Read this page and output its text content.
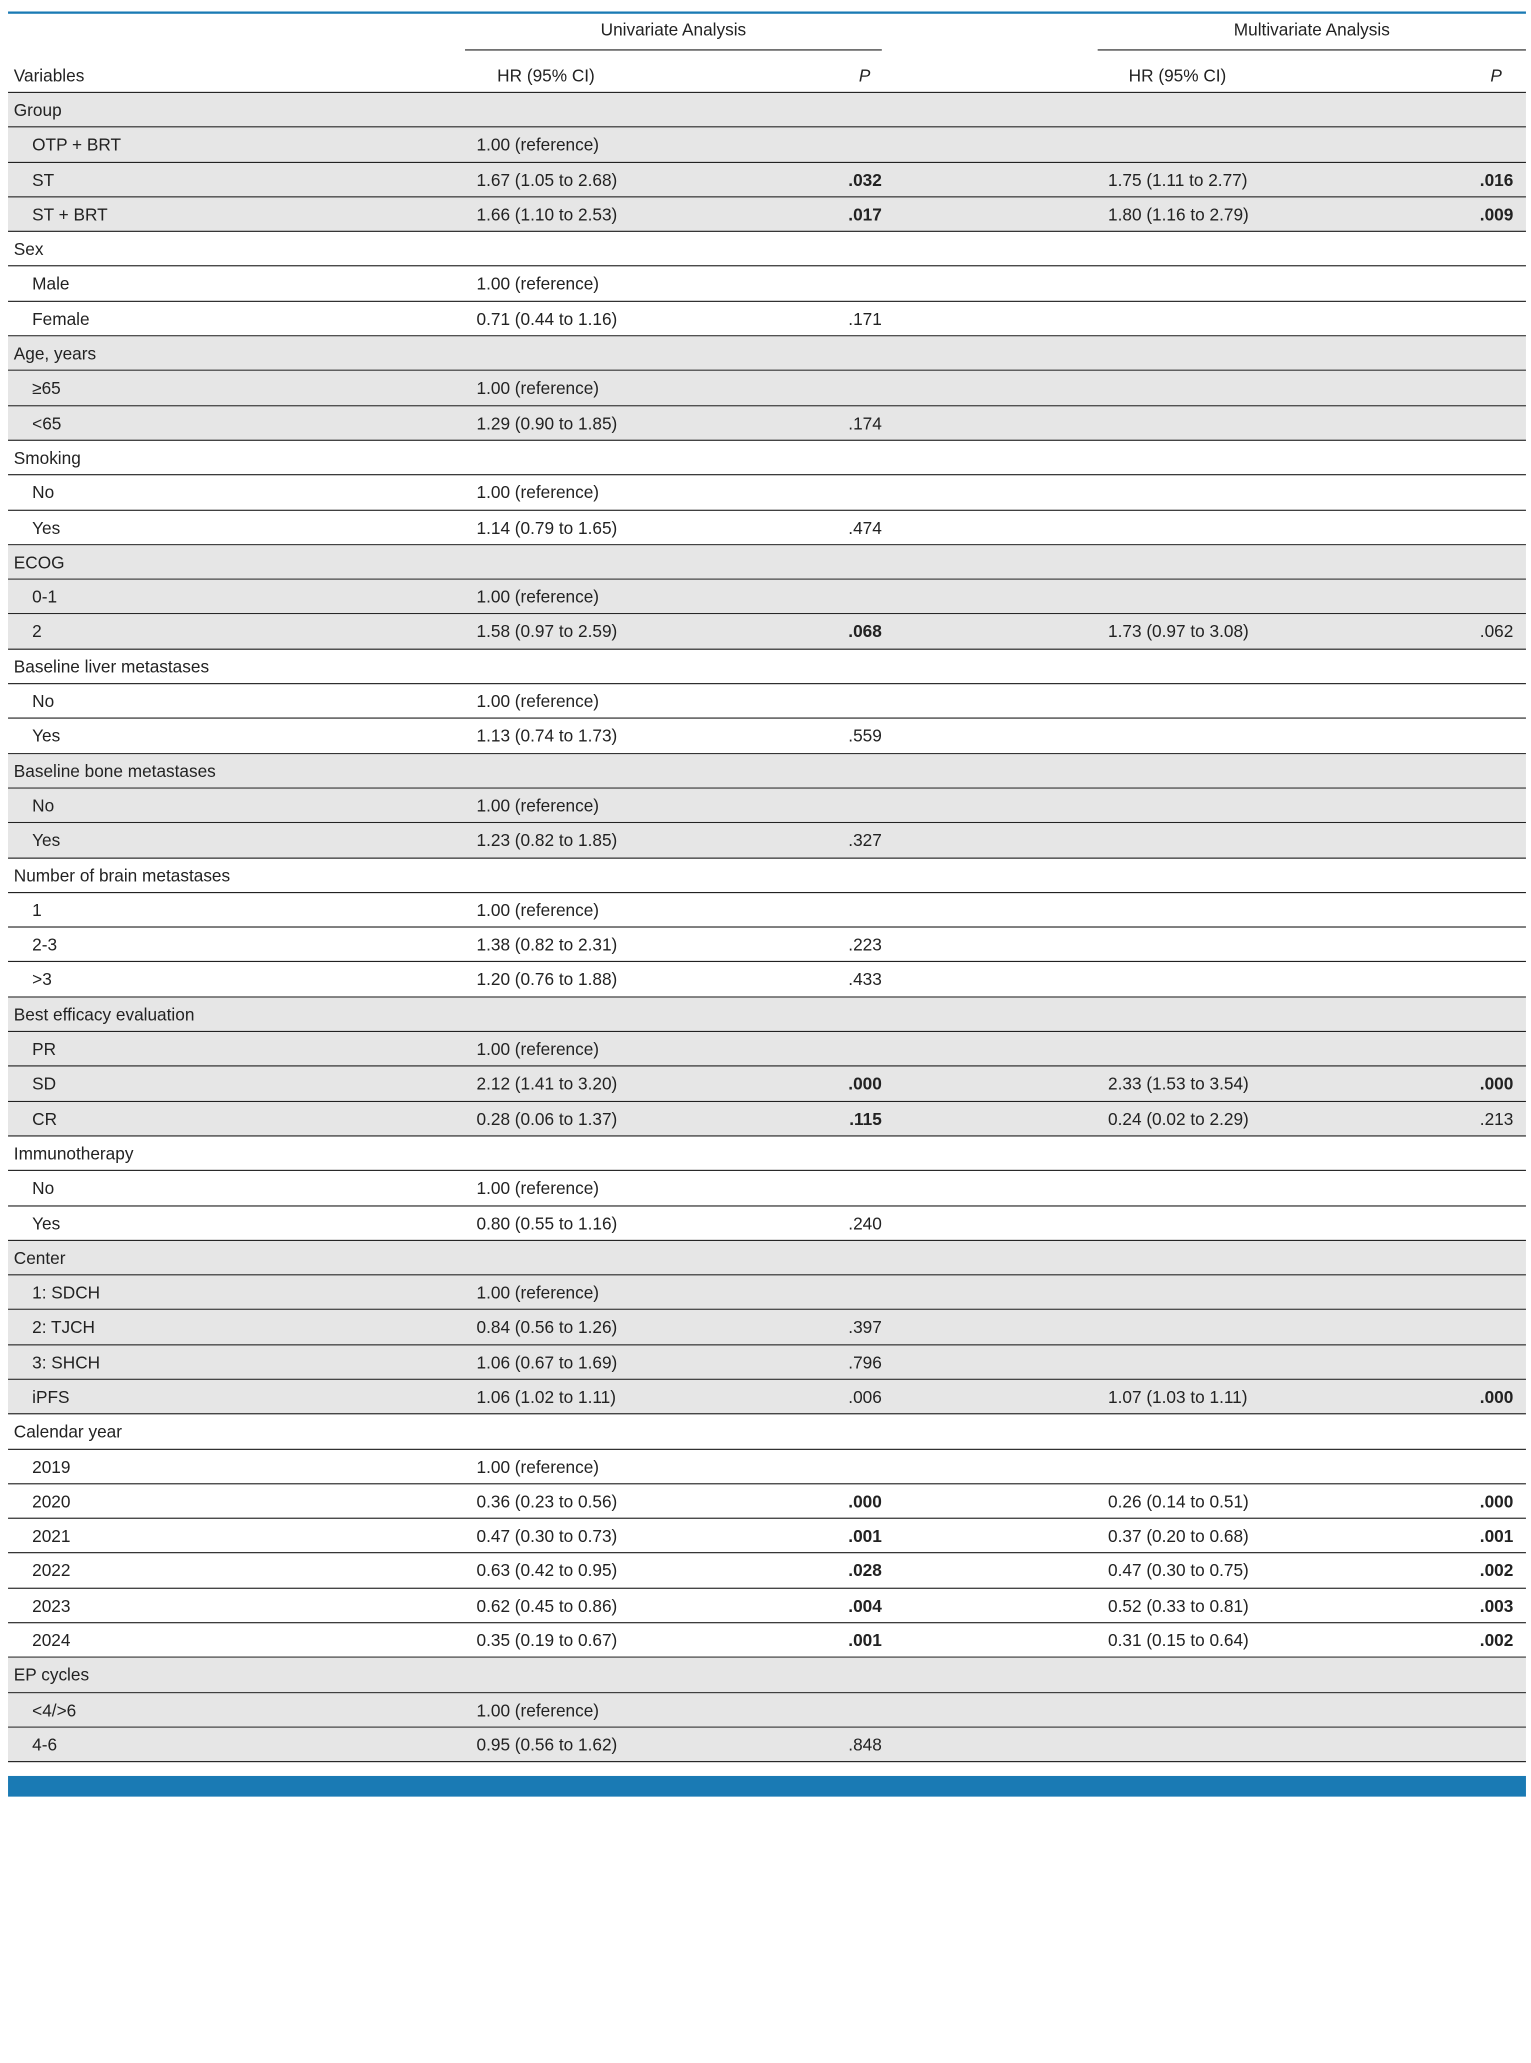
Univariate Analysis	Multivariate Analysis
Variables	HR (95% CI)	P	HR (95% CI)	P
Group
OTP + BRT	1.00 (reference)
ST	1.67 (1.05 to 2.68)	.032	1.75 (1.11 to 2.77)	.016
ST + BRT	1.66 (1.10 to 2.53)	.017	1.80 (1.16 to 2.79)	.009
Sex
Male	1.00 (reference)
Female	0.71 (0.44 to 1.16)	.171
Age, years
≥65	1.00 (reference)
<65	1.29 (0.90 to 1.85)	.174
Smoking
No	1.00 (reference)
Yes	1.14 (0.79 to 1.65)	.474
ECOG
0-1	1.00 (reference)
2	1.58 (0.97 to 2.59)	.068	1.73 (0.97 to 3.08)	.062
Baseline liver metastases
No	1.00 (reference)
Yes	1.13 (0.74 to 1.73)	.559
Baseline bone metastases
No	1.00 (reference)
Yes	1.23 (0.82 to 1.85)	.327
Number of brain metastases
1	1.00 (reference)
2-3	1.38 (0.82 to 2.31)	.223
>3	1.20 (0.76 to 1.88)	.433
Best efficacy evaluation
PR	1.00 (reference)
SD	2.12 (1.41 to 3.20)	.000	2.33 (1.53 to 3.54)	.000
CR	0.28 (0.06 to 1.37)	.115	0.24 (0.02 to 2.29)	.213
Immunotherapy
No	1.00 (reference)
Yes	0.80 (0.55 to 1.16)	.240
Center
1: SDCH	1.00 (reference)
2: TJCH	0.84 (0.56 to 1.26)	.397
3: SHCH	1.06 (0.67 to 1.69)	.796
iPFS	1.06 (1.02 to 1.11)	.006	1.07 (1.03 to 1.11)	.000
Calendar year
2019	1.00 (reference)
2020	0.36 (0.23 to 0.56)	.000	0.26 (0.14 to 0.51)	.000
2021	0.47 (0.30 to 0.73)	.001	0.37 (0.20 to 0.68)	.001
2022	0.63 (0.42 to 0.95)	.028	0.47 (0.30 to 0.75)	.002
2023	0.62 (0.45 to 0.86)	.004	0.52 (0.33 to 0.81)	.003
2024	0.35 (0.19 to 0.67)	.001	0.31 (0.15 to 0.64)	.002
EP cycles
<4/>6	1.00 (reference)
4-6	0.95 (0.56 to 1.62)	.848
